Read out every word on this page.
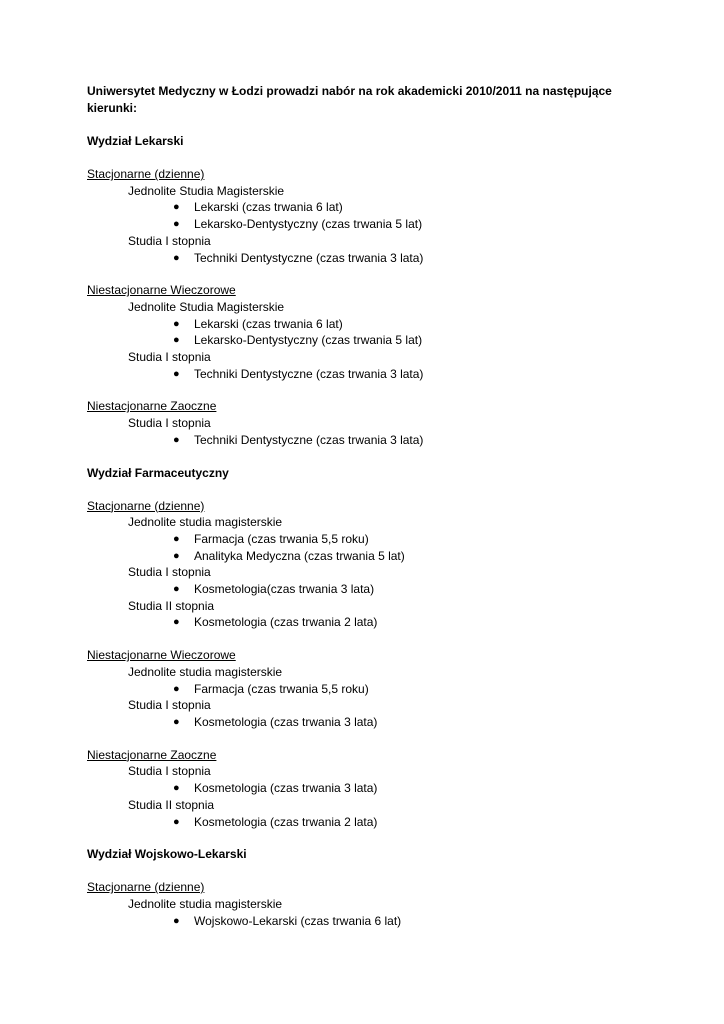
Uniwersytet Medyczny w Łodzi prowadzi nabór na rok akademicki 2010/2011 na następujące kierunki:

Wydział Lekarski
Stacjonarne (dzienne)
Jednolite Studia Magisterskie
● Lekarski (czas trwania 6 lat)
● Lekarsko-Dentystyczny (czas trwania 5 lat)
Studia I stopnia
● Techniki Dentystyczne (czas trwania 3 lata)
Niestacjonarne Wieczorowe
Jednolite Studia Magisterskie
● Lekarski (czas trwania 6 lat)
● Lekarsko-Dentystyczny (czas trwania 5 lat)
Studia I stopnia
● Techniki Dentystyczne (czas trwania 3 lata)
Niestacjonarne Zaoczne
Studia I stopnia
● Techniki Dentystyczne (czas trwania 3 lata)
Wydział Farmaceutyczny
Stacjonarne (dzienne)
Jednolite studia magisterskie
● Farmacja (czas trwania 5,5 roku)
● Analityka Medyczna (czas trwania 5 lat)
Studia I stopnia
● Kosmetologia(czas trwania 3 lata)
Studia II stopnia
● Kosmetologia (czas trwania 2 lata)
Niestacjonarne Wieczorowe
Jednolite studia magisterskie
● Farmacja (czas trwania 5,5 roku)
Studia I stopnia
● Kosmetologia (czas trwania 3 lata)
Niestacjonarne Zaoczne
Studia I stopnia
● Kosmetologia (czas trwania 3 lata)
Studia II stopnia
● Kosmetologia (czas trwania 2 lata)
Wydział Wojskowo-Lekarski
Stacjonarne (dzienne)
Jednolite studia magisterskie
● Wojskowo-Lekarski (czas trwania 6 lat)
